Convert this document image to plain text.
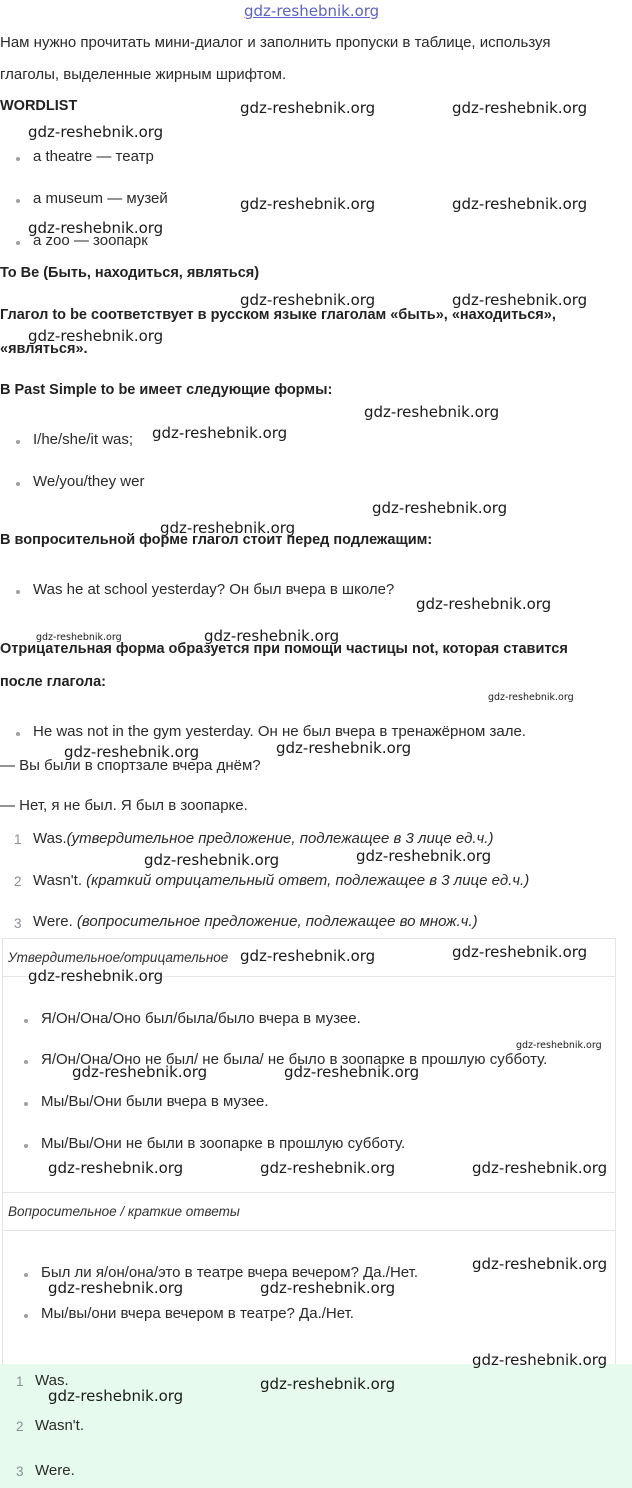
gdz-reshebnik.org
Нам нужно прочитать мини-диалог и заполнить пропуски в таблице, используя
глаголы, выделенные жирным шрифтом.
WORDLIST
a theatre — театр
a museum — музей
a zoo — зоопарк
To Be (Быть, находиться, являться)
Глагол to be соответствует в русском языке глаголам «быть», «находиться»,
«являться».
В Past Simple to be имеет следующие формы:
I/he/she/it was;
We/you/they wer
В вопросительной форме глагол стоит перед подлежащим:
Was he at school yesterday? Он был вчера в школе?
Отрицательная форма образуется при помощи частицы not, которая ставится
после глагола:
He was not in the gym yesterday. Он не был вчера в тренажёрном зале.
— Вы были в спортзале вчера днём?
— Нет, я не был. Я был в зоопарке.
1 Was.(утвердительное предложение, подлежащее в 3 лице ед.ч.)
2 Wasn't. (краткий отрицательный ответ, подлежащее в 3 лице ед.ч.)
3 Were. (вопросительное предложение, подлежащее во множ.ч.)
Утвердительное/отрицательное
Я/Он/Она/Оно был/была/было вчера в музее.
Я/Он/Она/Оно не был/ не была/ не было в зоопарке в прошлую субботу.
Мы/Вы/Они были вчера в музее.
Мы/Вы/Они не были в зоопарке в прошлую субботу.
Вопросительное / краткие ответы
Был ли я/он/она/это в театре вчера вечером? Да./Нет.
Мы/вы/они вчера вечером в театре? Да./Нет.
1 Was.
2 Wasn't.
3 Were.
gdz-reshebnik.org	gdz-reshebnik.org
gdz-reshebnik.org
gdz-reshebnik.org	gdz-reshebnik.org
gdz-reshebnik.org
gdz-reshebnik.org	gdz-reshebnik.org
gdz-reshebnik.org
gdz-reshebnik.org
gdz-reshebnik.org
gdz-reshebnik.org
gdz-reshebnik.org
gdz-reshebnik.org
gdz-reshebnik.org	gdz-reshebnik.org
gdz-reshebnik.org
gdz-reshebnik.org
gdz-reshebnik.org
gdz-reshebnik.org
gdz-reshebnik.org
gdz-reshebnik.org	gdz-reshebnik.org
gdz-reshebnik.org
gdz-reshebnik.org
gdz-reshebnik.org	gdz-reshebnik.org
gdz-reshebnik.org	gdz-reshebnik.org	gdz-reshebnik.org
gdz-reshebnik.org
gdz-reshebnik.org	gdz-reshebnik.org
gdz-reshebnik.org
gdz-reshebnik.org
gdz-reshebnik.org
